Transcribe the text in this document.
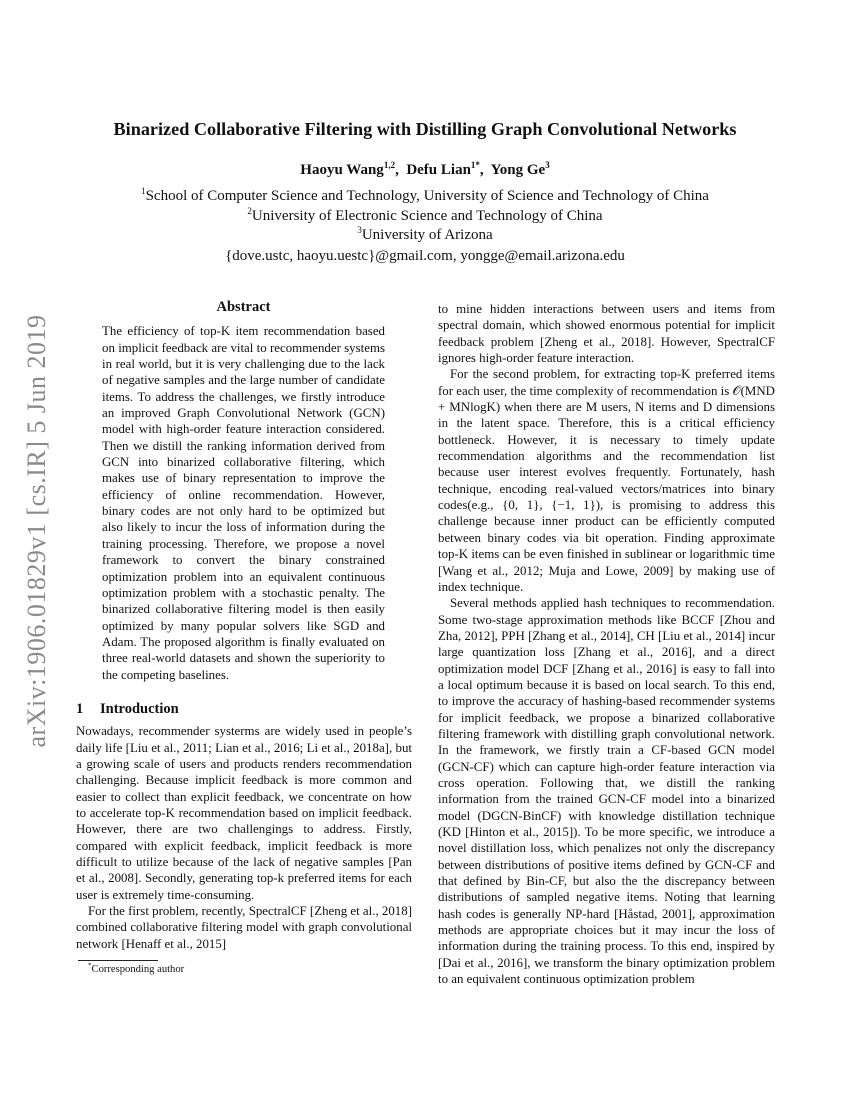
arXiv:1906.01829v1 [cs.IR] 5 Jun 2019
Binarized Collaborative Filtering with Distilling Graph Convolutional Networks
Haoyu Wang$^{1,2}$,  Defu Lian$^{1*}$,  Yong Ge$^3$
$^1$School of Computer Science and Technology, University of Science and Technology of China
$^2$University of Electronic Science and Technology of China
$^3$University of Arizona
{dove.ustc, haoyu.uestc}@gmail.com, yongge@email.arizona.edu
Abstract

The efficiency of top-K item recommendation based on implicit feedback are vital to recommender systems in real world, but it is very challenging due to the lack of negative samples and the large number of candidate items. To address the challenges, we firstly introduce an improved Graph Convolutional Network (GCN) model with high-order feature interaction considered. Then we distill the ranking information derived from GCN into binarized collaborative filtering, which makes use of binary representation to improve the efficiency of online recommendation. However, binary codes are not only hard to be optimized but also likely to incur the loss of information during the training processing. Therefore, we propose a novel framework to convert the binary constrained optimization problem into an equivalent continuous optimization problem with a stochastic penalty. The binarized collaborative filtering model is then easily optimized by many popular solvers like SGD and Adam. The proposed algorithm is finally evaluated on three real-world datasets and shown the superiority to the competing baselines.

1 Introduction

Nowadays, recommender systerms are widely used in people’s daily life [Liu et al., 2011; Lian et al., 2016; Li et al., 2018a], but a growing scale of users and products renders recommendation challenging. Because implicit feedback is more common and easier to collect than explicit feedback, we concentrate on how to accelerate top-K recommendation based on implicit feedback. However, there are two challengings to address. Firstly, compared with explicit feedback, implicit feedback is more difficult to utilize because of the lack of negative samples [Pan et al., 2008]. Secondly, generating top-k preferred items for each user is extremely time-consuming.

For the first problem, recently, SpectralCF [Zheng et al., 2018] combined collaborative filtering model with graph convolutional network [Henaff et al., 2015]

*Corresponding author

to mine hidden interactions between users and items from spectral domain, which showed enormous potential for implicit feedback problem [Zheng et al., 2018]. However, SpectralCF ignores high-order feature interaction.

For the second problem, for extracting top-K preferred items for each user, the time complexity of recommendation is 𝒪(MND + MNlogK) when there are M users, N items and D dimensions in the latent space. Therefore, this is a critical efficiency bottleneck. However, it is necessary to timely update recommendation algorithms and the recommendation list because user interest evolves frequently. Fortunately, hash technique, encoding real-valued vectors/matrices into binary codes(e.g., {0, 1}, {−1, 1}), is promising to address this challenge because inner product can be efficiently computed between binary codes via bit operation. Finding approximate top-K items can be even finished in sublinear or logarithmic time [Wang et al., 2012; Muja and Lowe, 2009] by making use of index technique.

Several methods applied hash techniques to recommendation. Some two-stage approximation methods like BCCF [Zhou and Zha, 2012], PPH [Zhang et al., 2014], CH [Liu et al., 2014] incur large quantization loss [Zhang et al., 2016], and a direct optimization model DCF [Zhang et al., 2016] is easy to fall into a local optimum because it is based on local search. To this end, to improve the accuracy of hashing-based recommender systems for implicit feedback, we propose a binarized collaborative filtering framework with distilling graph convolutional network. In the framework, we firstly train a CF-based GCN model (GCN-CF) which can capture high-order feature interaction via cross operation. Following that, we distill the ranking information from the trained GCN-CF model into a binarized model (DGCN-BinCF) with knowledge distillation technique (KD [Hinton et al., 2015]). To be more specific, we introduce a novel distillation loss, which penalizes not only the discrepancy between distributions of positive items defined by GCN-CF and that defined by Bin-CF, but also the the discrepancy between distributions of sampled negative items. Noting that learning hash codes is generally NP-hard [Håstad, 2001], approximation methods are appropriate choices but it may incur the loss of information during the training process. To this end, inspired by [Dai et al., 2016], we transform the binary optimization problem to an equivalent continuous optimization problem
